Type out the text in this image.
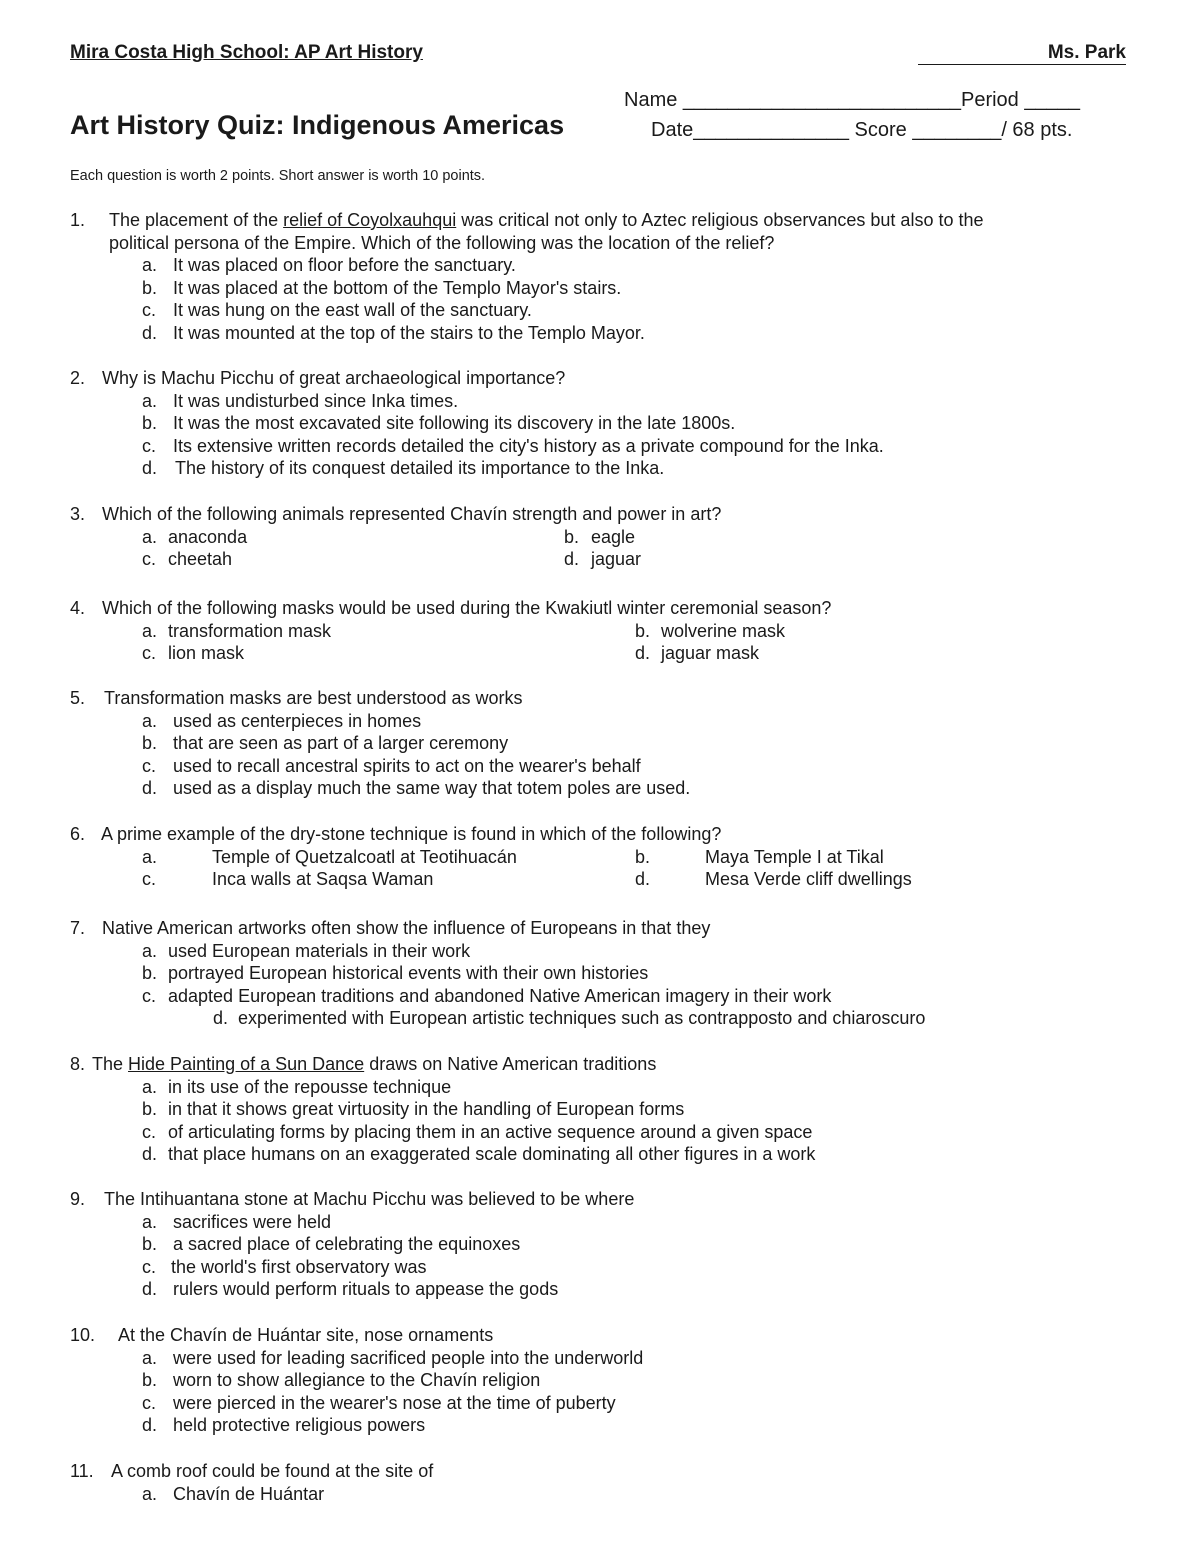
Mira Costa High School: AP Art History	Ms. Park
Name _________________________Period _____
Art History Quiz: Indigenous Americas	Date______________ Score ________/ 68 pts.
Each question is worth 2 points. Short answer is worth 10 points.
1. The placement of the relief of Coyolxauhqui was critical not only to Aztec religious observances but also to the
political persona of the Empire. Which of the following was the location of the relief?
a. It was placed on floor before the sanctuary.
b. It was placed at the bottom of the Templo Mayor's stairs.
c. It was hung on the east wall of the sanctuary.
d. It was mounted at the top of the stairs to the Templo Mayor.
2. Why is Machu Picchu of great archaeological importance?
a. It was undisturbed since Inka times.
b. It was the most excavated site following its discovery in the late 1800s.
c. Its extensive written records detailed the city's history as a private compound for the Inka.
d. The history of its conquest detailed its importance to the Inka.
3. Which of the following animals represented Chavín strength and power in art?
a. anaconda	b. eagle
c. cheetah	d. jaguar
4. Which of the following masks would be used during the Kwakiutl winter ceremonial season?
a. transformation mask	b. wolverine mask
c. lion mask	d. jaguar mask
5. Transformation masks are best understood as works
a. used as centerpieces in homes
b. that are seen as part of a larger ceremony
c. used to recall ancestral spirits to act on the wearer's behalf
d. used as a display much the same way that totem poles are used.
6. A prime example of the dry-stone technique is found in which of the following?
a.	Temple of Quetzalcoatl at Teotihuacán	b.	Maya Temple I at Tikal
c.	Inca walls at Saqsa Waman	d.	Mesa Verde cliff dwellings
7. Native American artworks often show the influence of Europeans in that they
a. used European materials in their work
b. portrayed European historical events with their own histories
c. adapted European traditions and abandoned Native American imagery in their work
d. experimented with European artistic techniques such as contrapposto and chiaroscuro
8. The Hide Painting of a Sun Dance draws on Native American traditions
a. in its use of the repousse technique
b. in that it shows great virtuosity in the handling of European forms
c. of articulating forms by placing them in an active sequence around a given space
d. that place humans on an exaggerated scale dominating all other figures in a work
9. The Intihuantana stone at Machu Picchu was believed to be where
a. sacrifices were held
b. a sacred place of celebrating the equinoxes
c. the world's first observatory was
d. rulers would perform rituals to appease the gods
10. At the Chavín de Huántar site, nose ornaments
a. were used for leading sacrificed people into the underworld
b. worn to show allegiance to the Chavín religion
c. were pierced in the wearer's nose at the time of puberty
d. held protective religious powers
11. A comb roof could be found at the site of
a. Chavín de Huántar
